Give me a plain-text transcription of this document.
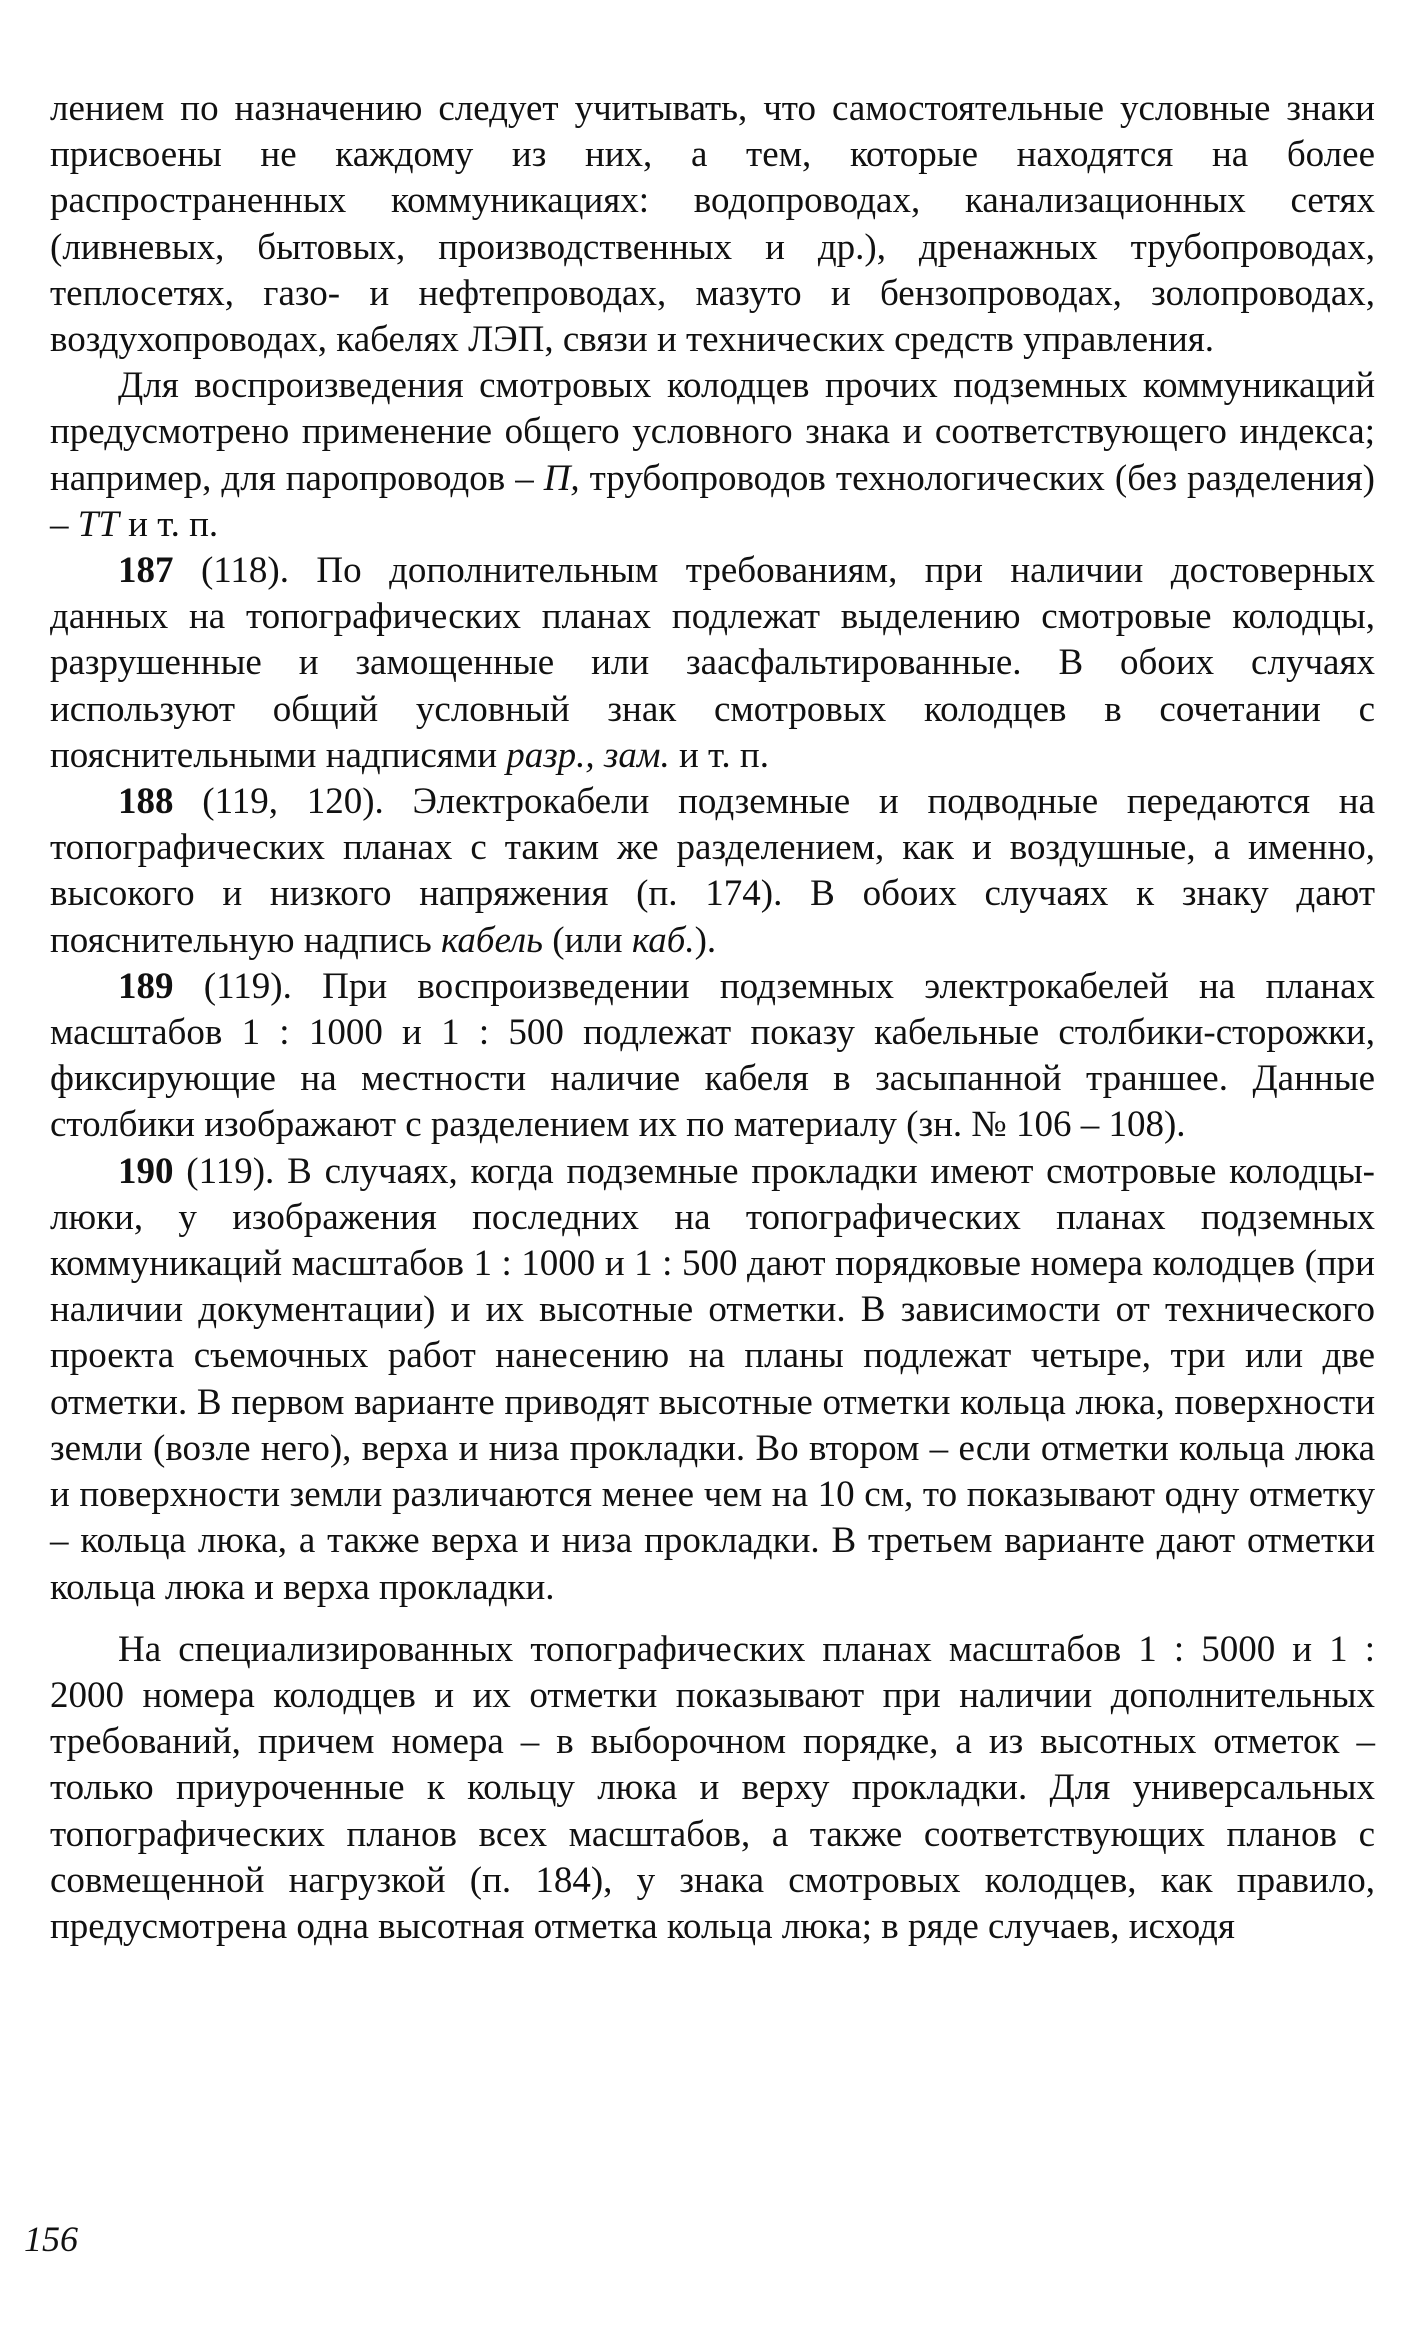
лением по назначению следует учитывать, что самостоятельные условные знаки присвоены не каждому из них, а тем, которые находятся на более распространенных коммуникациях: водопроводах, канализационных сетях (ливневых, бытовых, производственных и др.), дренажных трубопроводах, теплосетях, газо- и нефтепроводах, мазуто и бензопроводах, золопроводах, воздухопроводах, кабелях ЛЭП, связи и технических средств управления.

Для воспроизведения смотровых колодцев прочих подземных коммуникаций предусмотрено применение общего условного знака и соответствующего индекса; например, для паропроводов – П, трубопроводов технологических (без разделения) – ТТ и т. п.

187 (118). По дополнительным требованиям, при наличии достоверных данных на топографических планах подлежат выделению смотровые колодцы, разрушенные и замощенные или заасфальтированные. В обоих случаях используют общий условный знак смотровых колодцев в сочетании с пояснительными надписями разр., зам. и т. п.

188 (119, 120). Электрокабели подземные и подводные передаются на топографических планах с таким же разделением, как и воздушные, а именно, высокого и низкого напряжения (п. 174). В обоих случаях к знаку дают пояснительную надпись кабель (или каб.).

189 (119). При воспроизведении подземных электрокабелей на планах масштабов 1 : 1000 и 1 : 500 подлежат показу кабельные столбики-сторожки, фиксирующие на местности наличие кабеля в засыпанной траншее. Данные столбики изображают с разделением их по материалу (зн. № 106 – 108).

190 (119). В случаях, когда подземные прокладки имеют смотровые колодцы-люки, у изображения последних на топографических планах подземных коммуникаций масштабов 1 : 1000 и 1 : 500 дают порядковые номера колодцев (при наличии документации) и их высотные отметки. В зависимости от технического проекта съемочных работ нанесению на планы подлежат четыре, три или две отметки. В первом варианте приводят высотные отметки кольца люка, поверхности земли (возле него), верха и низа прокладки. Во втором – если отметки кольца люка и поверхности земли различаются менее чем на 10 см, то показывают одну отметку – кольца люка, а также верха и низа прокладки. В третьем варианте дают отметки кольца люка и верха прокладки.

На специализированных топографических планах масштабов 1 : 5000 и 1 : 2000 номера колодцев и их отметки показывают при наличии дополнительных требований, причем номера – в выборочном порядке, а из высотных отметок – только приуроченные к кольцу люка и верху прокладки. Для универсальных топографических планов всех масштабов, а также соответствующих планов с совмещенной нагрузкой (п. 184), у знака смотровых колодцев, как правило, предусмотрена одна высотная отметка кольца люка; в ряде случаев, исходя

156
